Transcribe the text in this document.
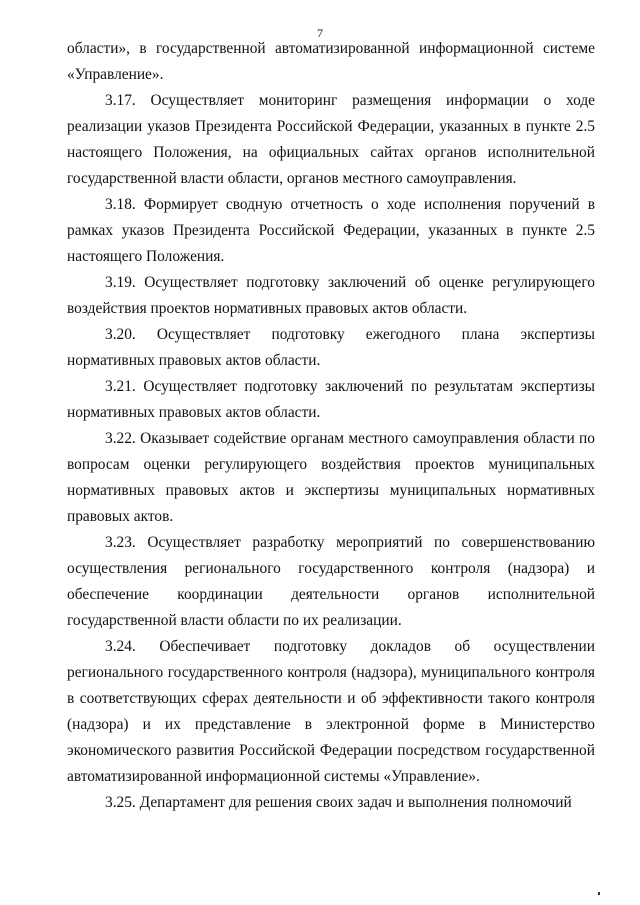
7

области», в государственной автоматизированной информационной системе «Управление».

3.17. Осуществляет мониторинг размещения информации о ходе реализации указов Президента Российской Федерации, указанных в пункте 2.5 настоящего Положения, на официальных сайтах органов исполнительной государственной власти области, органов местного самоуправления.

3.18. Формирует сводную отчетность о ходе исполнения поручений в рамках указов Президента Российской Федерации, указанных в пункте 2.5 настоящего Положения.

3.19. Осуществляет подготовку заключений об оценке регулирующего воздействия проектов нормативных правовых актов области.

3.20. Осуществляет подготовку ежегодного плана экспертизы нормативных правовых актов области.

3.21. Осуществляет подготовку заключений по результатам экспертизы нормативных правовых актов области.

3.22. Оказывает содействие органам местного самоуправления области по вопросам оценки регулирующего воздействия проектов муниципальных нормативных правовых актов и экспертизы муниципальных нормативных правовых актов.

3.23. Осуществляет разработку мероприятий по совершенствованию осуществления регионального государственного контроля (надзора) и обеспечение координации деятельности органов исполнительной государственной власти области по их реализации.

3.24. Обеспечивает подготовку докладов об осуществлении регионального государственного контроля (надзора), муниципального контроля в соответствующих сферах деятельности и об эффективности такого контроля (надзора) и их представление в электронной форме в Министерство экономического развития Российской Федерации посредством государственной автоматизированной информационной системы «Управление».

3.25. Департамент для решения своих задач и выполнения полномочий
